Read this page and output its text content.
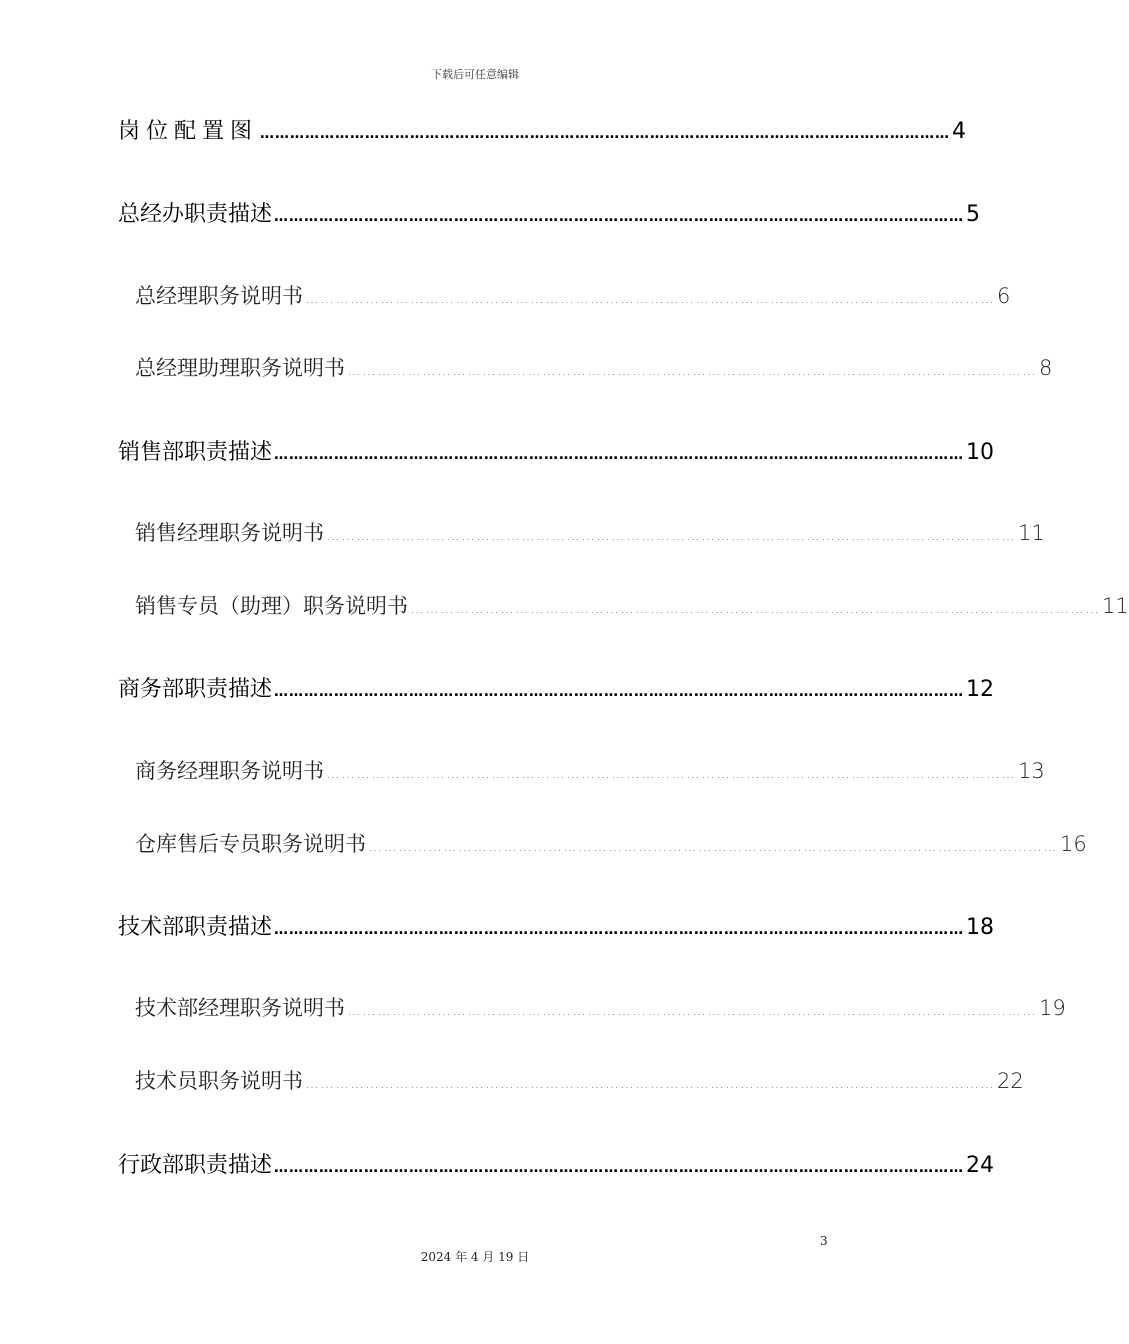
下载后可任意编辑
岗位配置图 ………………………………………………………………………………………………………………………… 4
总经办职责描述 ………………………………………………………………………………………………………………………… 5
总经理职务说明书 ………………………………………………………………………………………………………………………… 6
总经理助理职务说明书 ………………………………………………………………………………………………………………………… 8
销售部职责描述 ………………………………………………………………………………………………………………………… 10
销售经理职务说明书 ………………………………………………………………………………………………………………………… 11
销售专员（助理）职务说明书 ………………………………………………………………………………………………………………………… 11
商务部职责描述 ………………………………………………………………………………………………………………………… 12
商务经理职务说明书 ………………………………………………………………………………………………………………………… 13
仓库售后专员职务说明书 ………………………………………………………………………………………………………………………… 16
技术部职责描述 ………………………………………………………………………………………………………………………… 18
技术部经理职务说明书 ………………………………………………………………………………………………………………………… 19
技术员职务说明书 ………………………………………………………………………………………………………………………… 22
行政部职责描述 ………………………………………………………………………………………………………………………… 24
3
2024 年 4 月 19 日
